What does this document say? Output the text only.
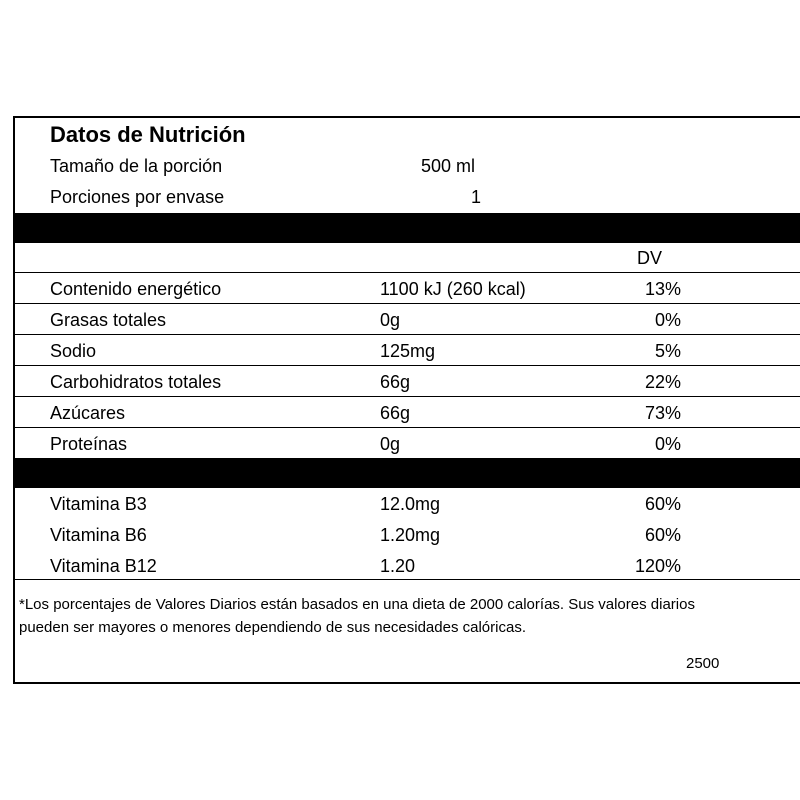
Datos de Nutrición
Tamaño de la porción	500 ml
Porciones por envase	1
DV
Contenido energético	1100 kJ (260 kcal)	13%
Grasas totales	0g	0%
Sodio	125mg	5%
Carbohidratos totales	66g	22%
Azúcares	66g	73%
Proteínas	0g	0%
Vitamina B3	12.0mg	60%
Vitamina B6	1.20mg	60%
Vitamina B12	1.20	120%
*Los porcentajes de Valores Diarios están basados en una dieta de 2000 calorías. Sus valores diarios
pueden ser mayores o menores dependiendo de sus necesidades calóricas.
2500
